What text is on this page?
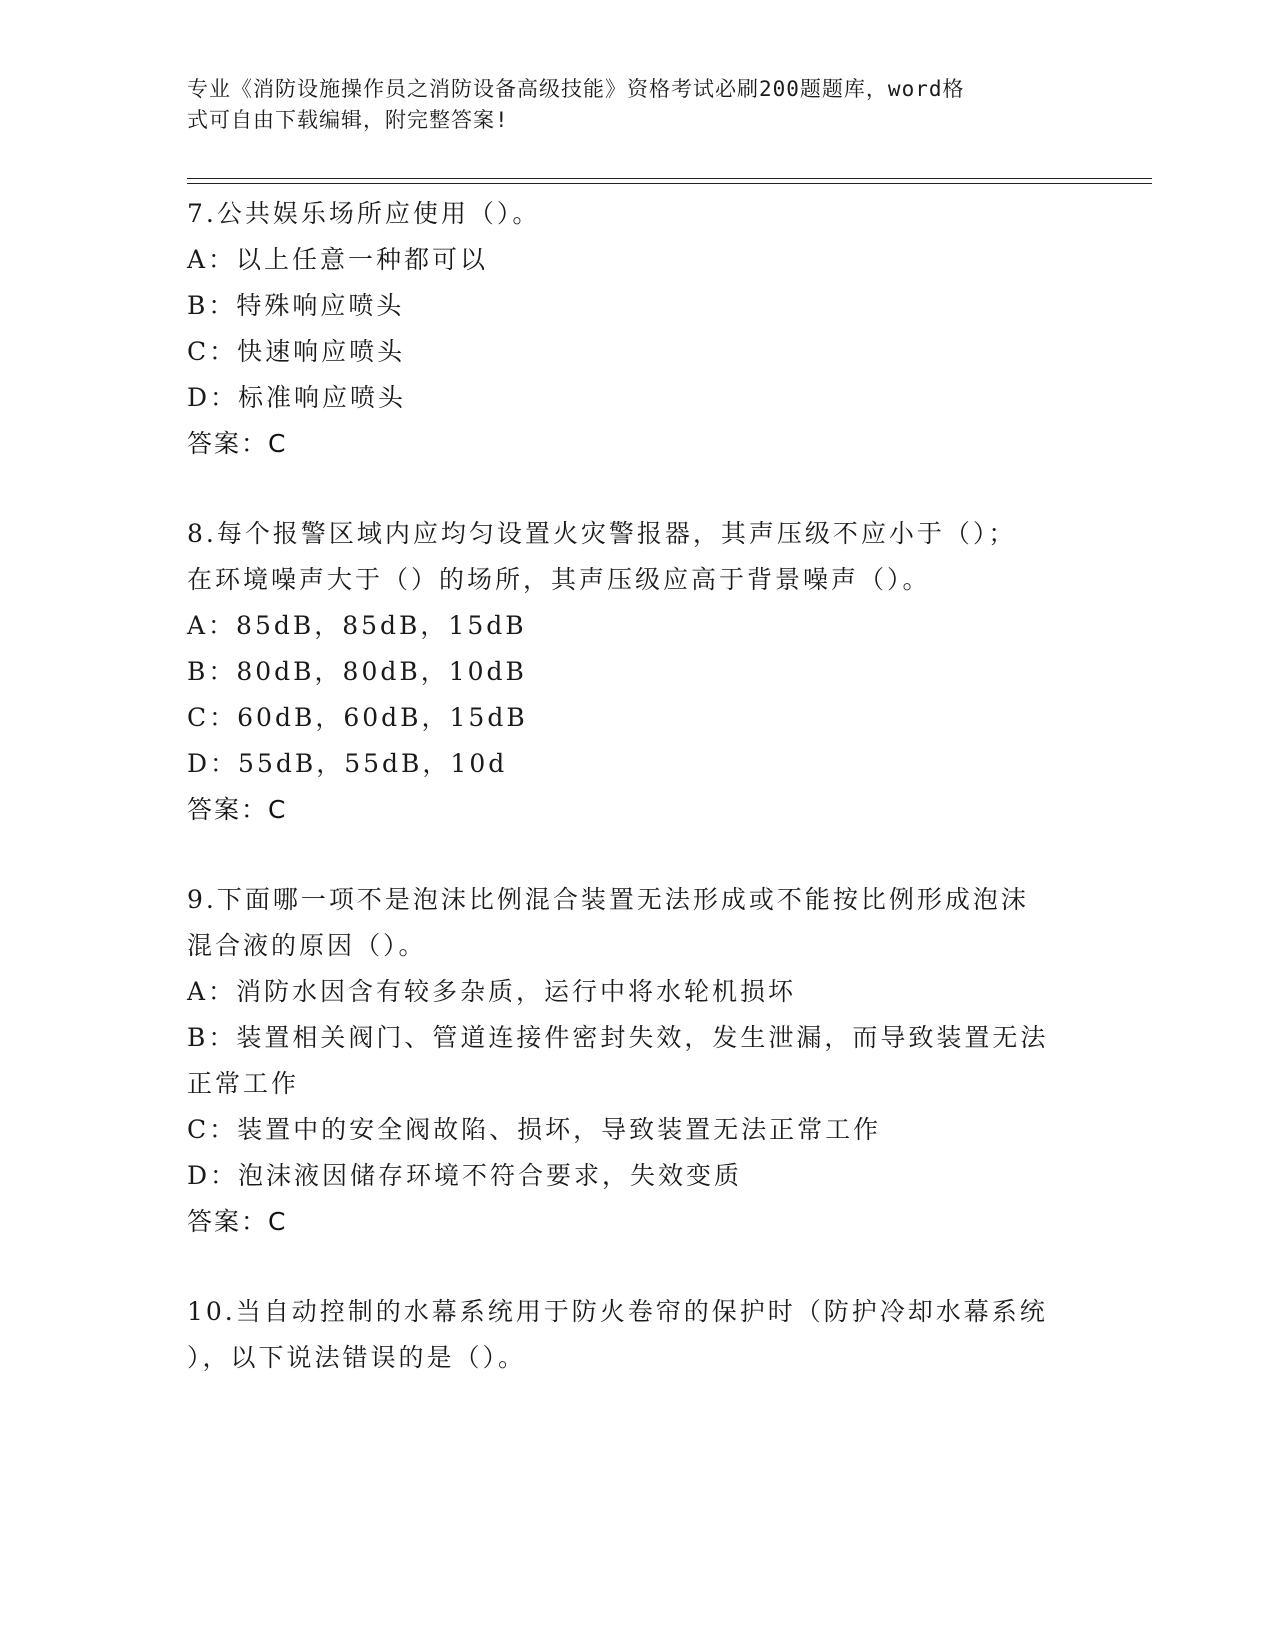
专业《消防设施操作员之消防设备高级技能》资格考试必刷200题题库，word格
式可自由下载编辑，附完整答案!
7.公共娱乐场所应使用（）。
A：以上任意一种都可以
B：特殊响应喷头
C：快速响应喷头
D：标准响应喷头
答案：C
8.每个报警区域内应均匀设置火灾警报器，其声压级不应小于（）；
在环境噪声大于（）的场所，其声压级应高于背景噪声（）。
A：85dB，85dB，15dB
B：80dB，80dB，10dB
C：60dB，60dB，15dB
D：55dB，55dB，10d
答案：C
9.下面哪一项不是泡沫比例混合装置无法形成或不能按比例形成泡沫
混合液的原因（）。
A：消防水因含有较多杂质，运行中将水轮机损坏
B：装置相关阀门、管道连接件密封失效，发生泄漏，而导致装置无法
正常工作
C：装置中的安全阀故陷、损坏，导致装置无法正常工作
D：泡沫液因储存环境不符合要求，失效变质
答案：C
10.当自动控制的水幕系统用于防火卷帘的保护时（防护冷却水幕系统
），以下说法错误的是（）。
